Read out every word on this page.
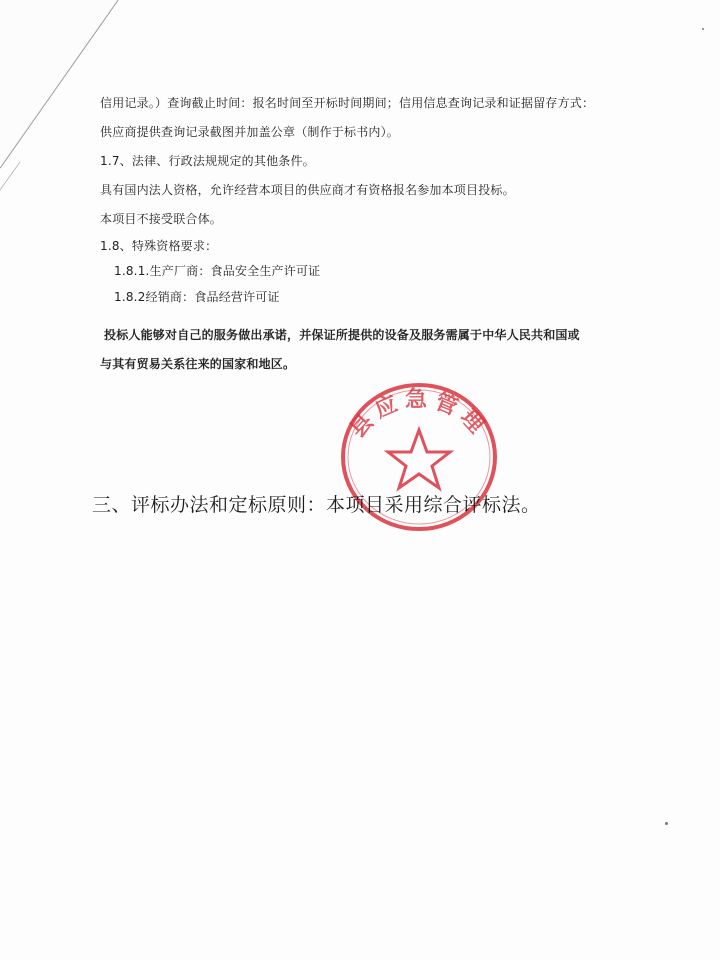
信用记录。）查询截止时间：报名时间至开标时间期间；信用信息查询记录和证据留存方式：
供应商提供查询记录截图并加盖公章（制作于标书内）。
1.7、法律、行政法规规定的其他条件。
具有国内法人资格，允许经营本项目的供应商才有资格报名参加本项目投标。
本项目不接受联合体。
1.8、特殊资格要求：
1.8.1.生产厂商：食品安全生产许可证
1.8.2经销商：食品经营许可证
投标人能够对自己的服务做出承诺，并保证所提供的设备及服务需属于中华人民共和国或
与其有贸易关系往来的国家和地区。
县应急管理
三、评标办法和定标原则：本项目采用综合评标法。
